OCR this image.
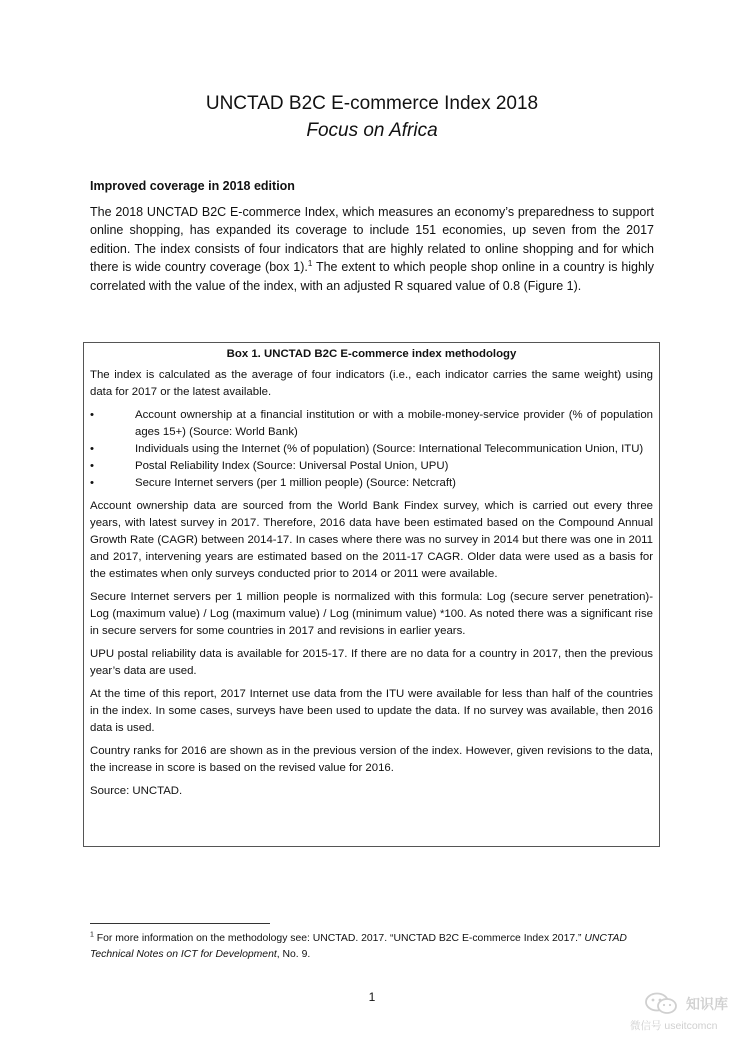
UNCTAD B2C E-commerce Index 2018
Focus on Africa
Improved coverage in 2018 edition

The 2018 UNCTAD B2C E-commerce Index, which measures an economy’s preparedness to support online shopping, has expanded its coverage to include 151 economies, up seven from the 2017 edition. The index consists of four indicators that are highly related to online shopping and for which there is wide country coverage (box 1).$^1$ The extent to which people shop online in a country is highly correlated with the value of the index, with an adjusted R squared value of 0.8 (Figure 1).

Box 1. UNCTAD B2C E-commerce index methodology

The index is calculated as the average of four indicators (i.e., each indicator carries the same weight) using data for 2017 or the latest available.

•	Account ownership at a financial institution or with a mobile-money-service provider (% of population ages 15+) (Source: World Bank)
•	Individuals using the Internet (% of population) (Source: International Telecommunication Union, ITU)
•	Postal Reliability Index (Source: Universal Postal Union, UPU)
•	Secure Internet servers (per 1 million people) (Source: Netcraft)

Account ownership data are sourced from the World Bank Findex survey, which is carried out every three years, with latest survey in 2017. Therefore, 2016 data have been estimated based on the Compound Annual Growth Rate (CAGR) between 2014-17. In cases where there was no survey in 2014 but there was one in 2011 and 2017, intervening years are estimated based on the 2011-17 CAGR. Older data were used as a basis for the estimates when only surveys conducted prior to 2014 or 2011 were available.

Secure Internet servers per 1 million people is normalized with this formula: Log (secure server penetration)-Log (maximum value) / Log (maximum value) / Log (minimum value) *100. As noted there was a significant rise in secure servers for some countries in 2017 and revisions in earlier years.

UPU postal reliability data is available for 2015-17. If there are no data for a country in 2017, then the previous year’s data are used.

At the time of this report, 2017 Internet use data from the ITU were available for less than half of the countries in the index. In some cases, surveys have been used to update the data. If no survey was available, then 2016 data is used.

Country ranks for 2016 are shown as in the previous version of the index. However, given revisions to the data, the increase in score is based on the revised value for 2016.

Source: UNCTAD.

$^1$ For more information on the methodology see: UNCTAD. 2017. “UNCTAD B2C E-commerce Index 2017.” UNCTAD Technical Notes on ICT for Development, No. 9.

1	知识库
微信号 useitcomcn
